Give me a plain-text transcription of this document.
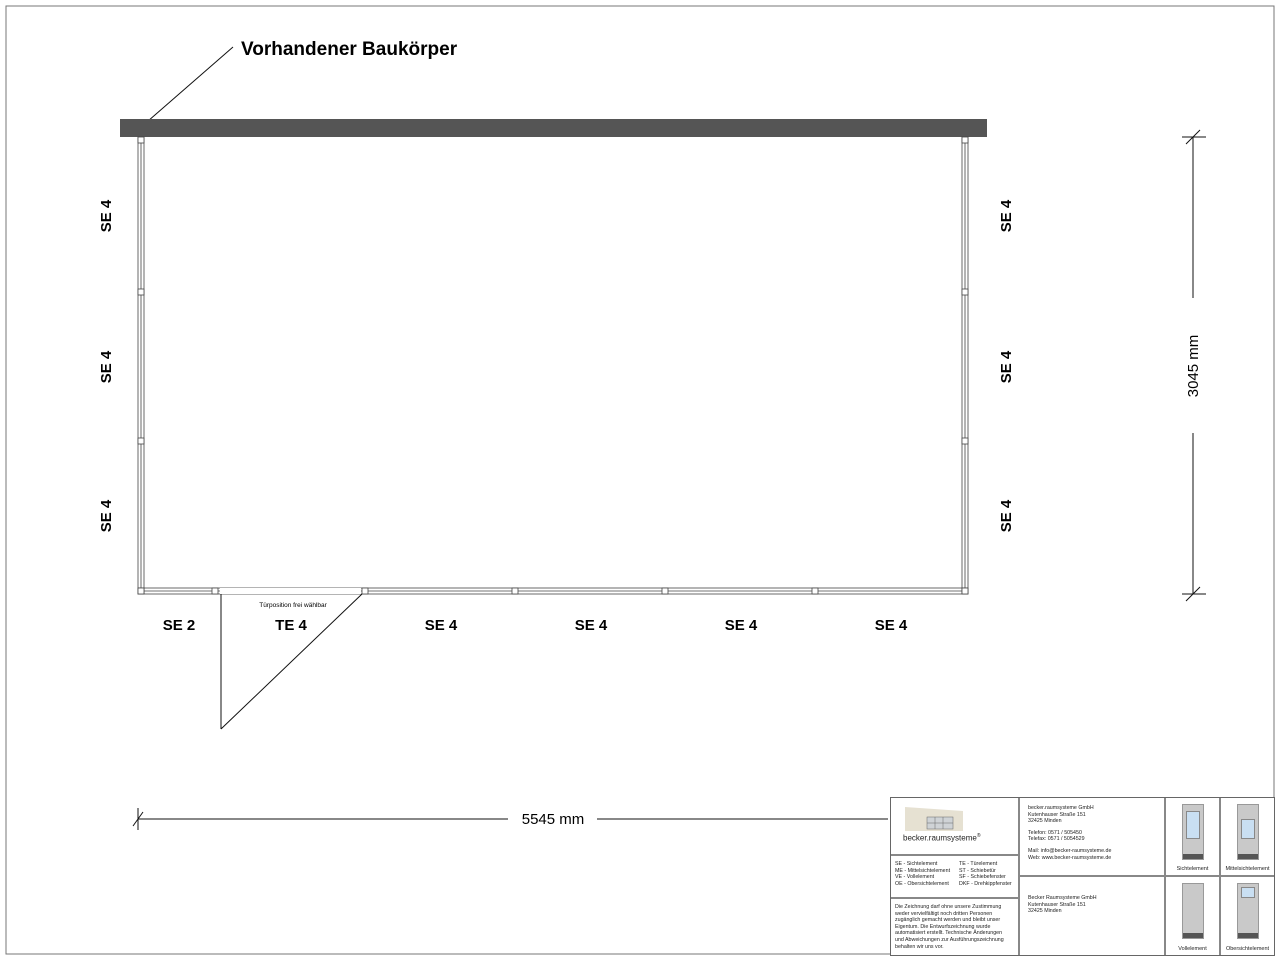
Vorhandener Baukörper
Türposition frei wählbar
SE 4
SE 4
SE 4
SE 4
SE 4
SE 4
SE 2	TE 4	SE 4	SE 4	SE 4	SE 4
3045 mm
5545 mm
becker.raumsysteme®
becker.raumsysteme GmbH
Kutenhauser Straße 151
32425 Minden
Telefon: 0571 / 505450
Telefax: 0571 / 5054529
Mail: info@becker-raumsysteme.de
Web: www.becker-raumsysteme.de
SE - Sichtelement	TE - Türelement
ME - Mittelsichtelement	ST - Schiebetür
VE - Vollelement	SF - Schiebefenster
OE - Obersichtelement	DKF - Drehkippfenster
Die Zeichnung darf ohne unsere Zustimmung
weder vervielfältigt noch dritten Personen
zugänglich gemacht werden und bleibt unser
Eigentum. Die Entwurfszeichnung wurde
automatisiert erstellt. Technische Änderungen
und Abweichungen zur Ausführungszeichnung
behalten wir uns vor.
Becker Raumsysteme GmbH
Kutenhauser Straße 151
32425 Minden
Sichtelement	Mittelsichtelement
Vollelement	Obersichtelement
